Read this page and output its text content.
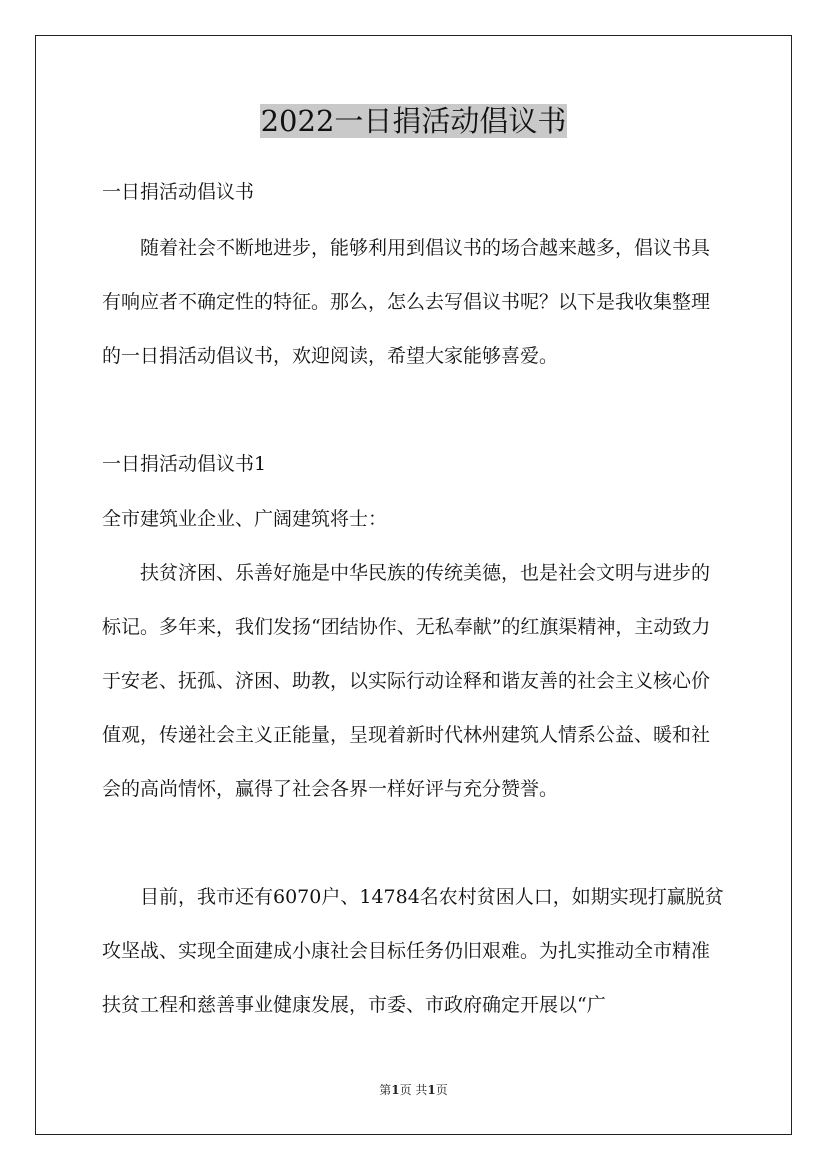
2022一日捐活动倡议书

一日捐活动倡议书

随着社会不断地进步，能够利用到倡议书的场合越来越多，倡议书具有响应者不确定性的特征。那么，怎么去写倡议书呢？以下是我收集整理的一日捐活动倡议书，欢迎阅读，希望大家能够喜爱。

一日捐活动倡议书1

全市建筑业企业、广阔建筑将士：

扶贫济困、乐善好施是中华民族的传统美德，也是社会文明与进步的标记。多年来，我们发扬“团结协作、无私奉献”的红旗渠精神，主动致力于安老、抚孤、济困、助教，以实际行动诠释和谐友善的社会主义核心价值观，传递社会主义正能量，呈现着新时代林州建筑人情系公益、暖和社会的高尚情怀，赢得了社会各界一样好评与充分赞誉。

目前，我市还有6070户、14784名农村贫困人口，如期实现打赢脱贫攻坚战、实现全面建成小康社会目标任务仍旧艰难。为扎实推动全市精准扶贫工程和慈善事业健康发展，市委、市政府确定开展以“广

第1页 共1页
